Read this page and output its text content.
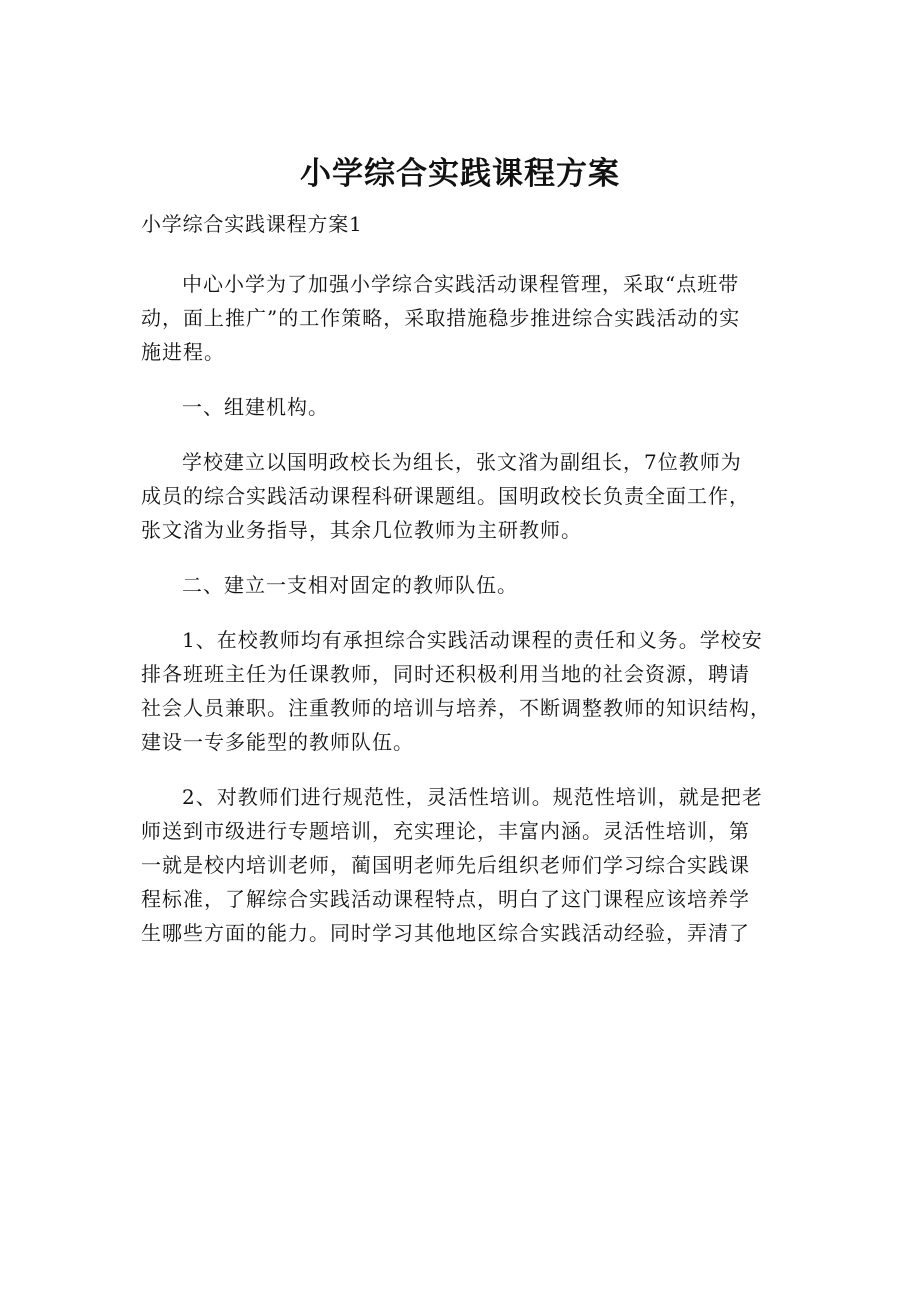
小学综合实践课程方案
小学综合实践课程方案1
中心小学为了加强小学综合实践活动课程管理，采取“点班带
动，面上推广”的工作策略，采取措施稳步推进综合实践活动的实
施进程。
一、组建机构。
学校建立以国明政校长为组长，张文渻为副组长，7位教师为
成员的综合实践活动课程科研课题组。国明政校长负责全面工作，
张文渻为业务指导，其余几位教师为主研教师。
二、建立一支相对固定的教师队伍。
1、在校教师均有承担综合实践活动课程的责任和义务。学校安
排各班班主任为任课教师，同时还积极利用当地的社会资源，聘请
社会人员兼职。注重教师的培训与培养，不断调整教师的知识结构，
建设一专多能型的教师队伍。
2、对教师们进行规范性，灵活性培训。规范性培训，就是把老
师送到市级进行专题培训，充实理论，丰富内涵。灵活性培训，第
一就是校内培训老师，蔺国明老师先后组织老师们学习综合实践课
程标准，了解综合实践活动课程特点，明白了这门课程应该培养学
生哪些方面的能力。同时学习其他地区综合实践活动经验，弄清了
